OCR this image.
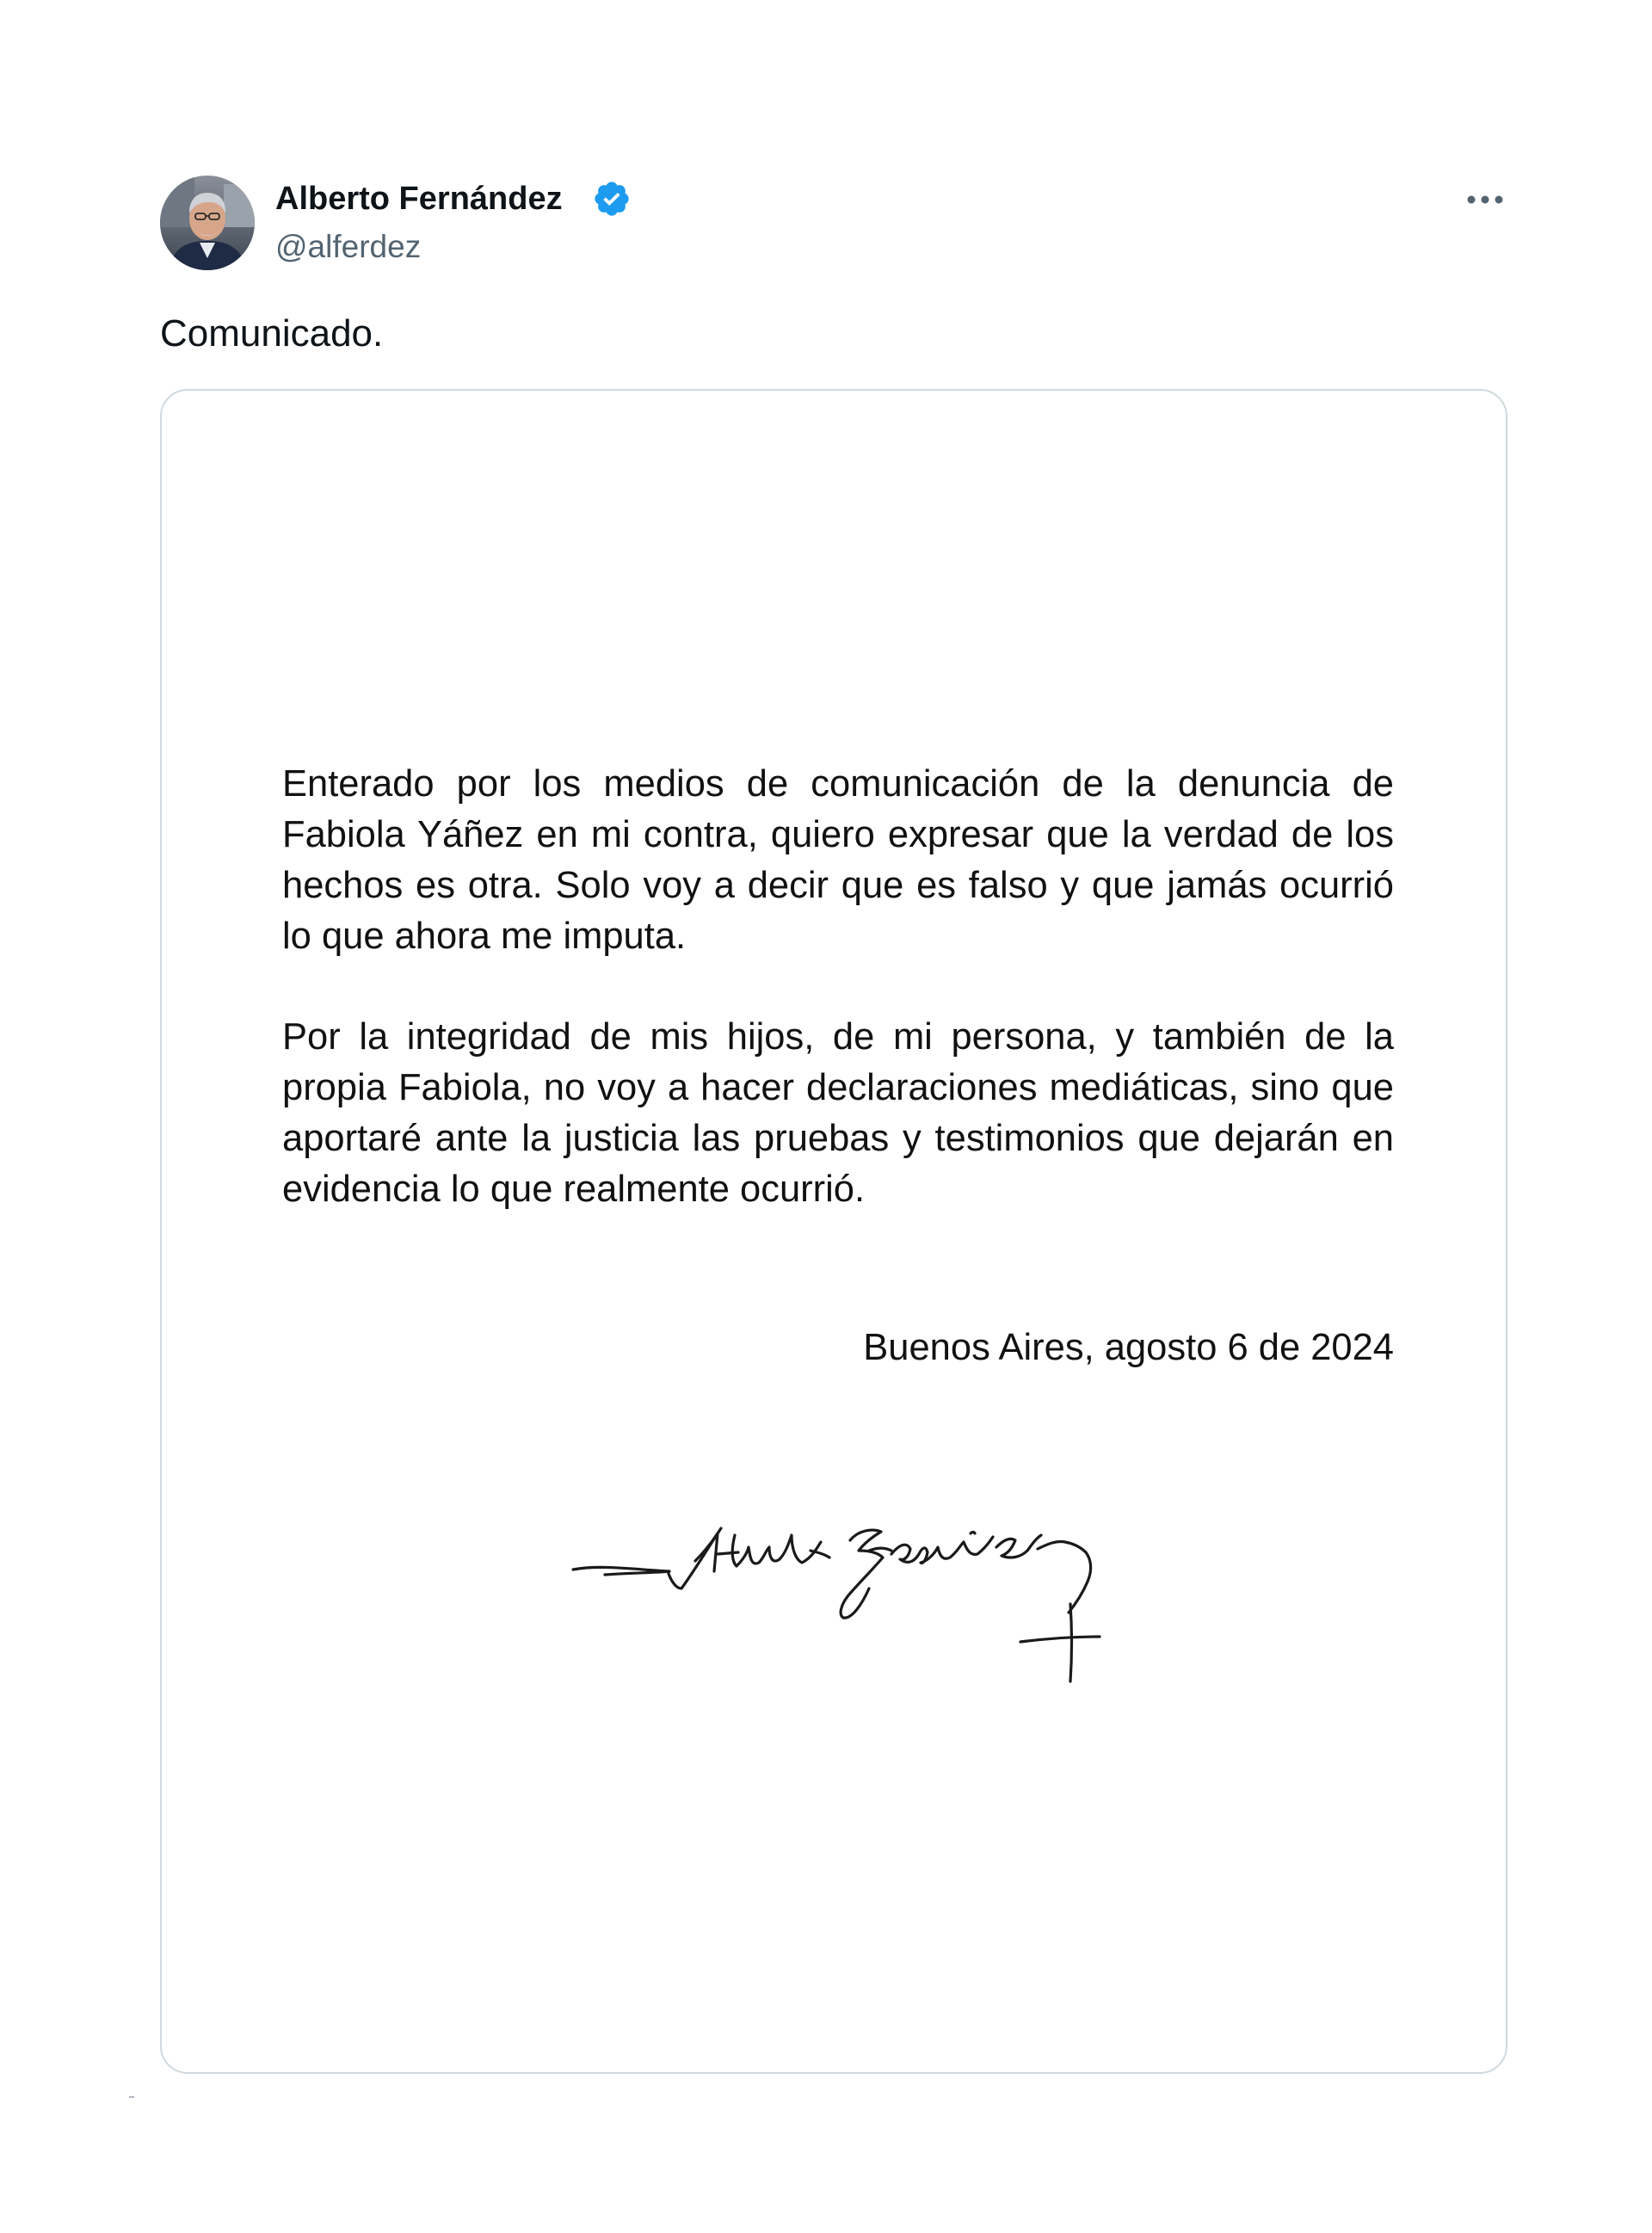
Alberto Fernández
@alferdez
Comunicado.

Enterado por los medios de comunicación de la denuncia de Fabiola Yáñez en mi contra, quiero expresar que la verdad de los hechos es otra. Solo voy a decir que es falso y que jamás ocurrió lo que ahora me imputa.

Por la integridad de mis hijos, de mi persona, y también de la propia Fabiola, no voy a hacer declaraciones mediáticas, sino que aportaré ante la justicia las pruebas y testimonios que dejarán en evidencia lo que realmente ocurrió.

Buenos Aires, agosto 6 de 2024
